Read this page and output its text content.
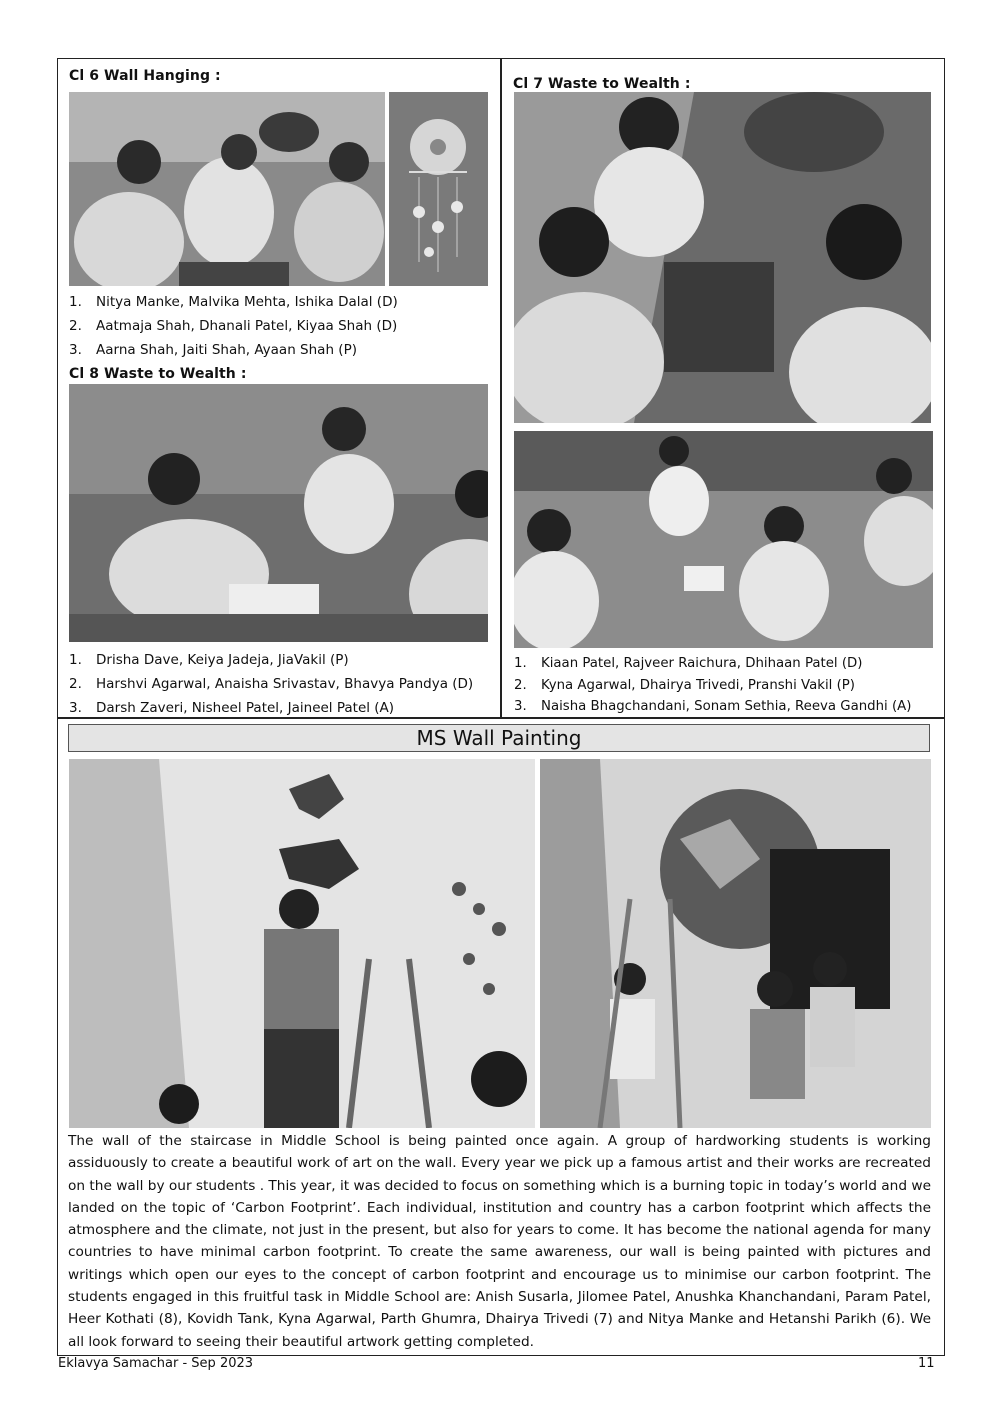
Cl 6 Wall Hanging :
1. Nitya Manke, Malvika Mehta, Ishika Dalal (D)
2. Aatmaja Shah, Dhanali Patel, Kiyaa Shah (D)
3. Aarna Shah, Jaiti Shah, Ayaan Shah (P)
Cl 8 Waste to Wealth :
1. Drisha Dave, Keiya Jadeja, JiaVakil (P)
2. Harshvi Agarwal, Anaisha Srivastav, Bhavya Pandya (D)
3. Darsh Zaveri, Nisheel Patel, Jaineel Patel (A)
Cl 7 Waste to Wealth :
1. Kiaan Patel, Rajveer Raichura, Dhihaan Patel (D)
2. Kyna Agarwal, Dhairya Trivedi, Pranshi Vakil (P)
3. Naisha Bhagchandani, Sonam Sethia, Reeva Gandhi (A)
MS Wall Painting

The wall of the staircase in Middle School is being painted once again. A group of hardworking students is working assiduously to create a beautiful work of art on the wall. Every year we pick up a famous artist and their works are recreated on the wall by our students . This year, it was decided to focus on something which is a burning topic in today’s world and we landed on the topic of ‘Carbon Footprint’. Each individual, institution and country has a carbon footprint which affects the atmosphere and the climate, not just in the present, but also for years to come. It has become the national agenda for many countries to have minimal carbon footprint. To create the same awareness, our wall is being painted with pictures and writings which open our eyes to the concept of carbon footprint and encourage us to minimise our carbon footprint. The students engaged in this fruitful task in Middle School are: Anish Susarla, Jilomee Patel, Anushka Khanchandani, Param Patel, Heer Kothati (8), Kovidh Tank, Kyna Agarwal, Parth Ghumra, Dhairya Trivedi (7) and Nitya Manke and Hetanshi Parikh (6). We all look forward to seeing their beautiful artwork getting completed.

Eklavya Samachar - Sep 2023	11
